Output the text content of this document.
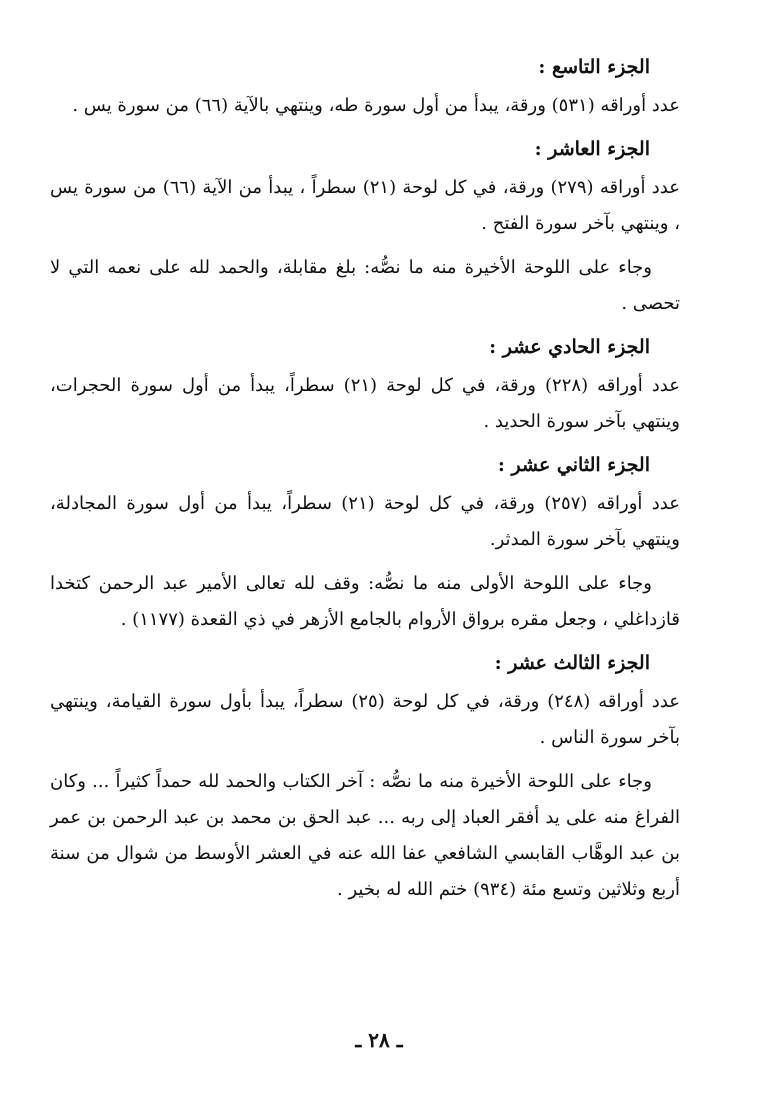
الجزء التاسع :

عدد أوراقه (٥٣١) ورقة، يبدأ من أول سورة طه، وينتهي بالآية (٦٦) من سورة يس .

الجزء العاشر :

عدد أوراقه (٢٧٩) ورقة، في كل لوحة (٢١) سطراً ، يبدأ من الآية (٦٦) من سورة يس ، وينتهي بآخر سورة الفتح .

وجاء على اللوحة الأخيرة منه ما نصُّه: بلغ مقابلة، والحمد لله على نعمه التي لا تحصى .

الجزء الحادي عشر :

عدد أوراقه (٢٢٨) ورقة، في كل لوحة (٢١) سطراً، يبدأ من أول سورة الحجرات، وينتهي بآخر سورة الحديد .

الجزء الثاني عشر :

عدد أوراقه (٢٥٧) ورقة، في كل لوحة (٢١) سطراً، يبدأ من أول سورة المجادلة، وينتهي بآخر سورة المدثر.

وجاء على اللوحة الأولى منه ما نصُّه: وقف لله تعالى الأمير عبد الرحمن كتخدا قازداغلي ، وجعل مقره برواق الأروام بالجامع الأزهر في ذي القعدة (١١٧٧) .

الجزء الثالث عشر :

عدد أوراقه (٢٤٨) ورقة، في كل لوحة (٢٥) سطراً، يبدأ بأول سورة القيامة، وينتهي بآخر سورة الناس .

وجاء على اللوحة الأخيرة منه ما نصُّه : آخر الكتاب والحمد لله حمداً كثيراً ... وكان الفراغ منه على يد أفقر العباد إلى ربه ... عبد الحق بن محمد بن عبد الرحمن بن عمر بن عبد الوهَّاب القابسي الشافعي عفا الله عنه في العشر الأوسط من شوال من سنة أربع وثلاثين وتسع مئة (٩٣٤) ختم الله له بخير .

ـ ٢٨ ـ
